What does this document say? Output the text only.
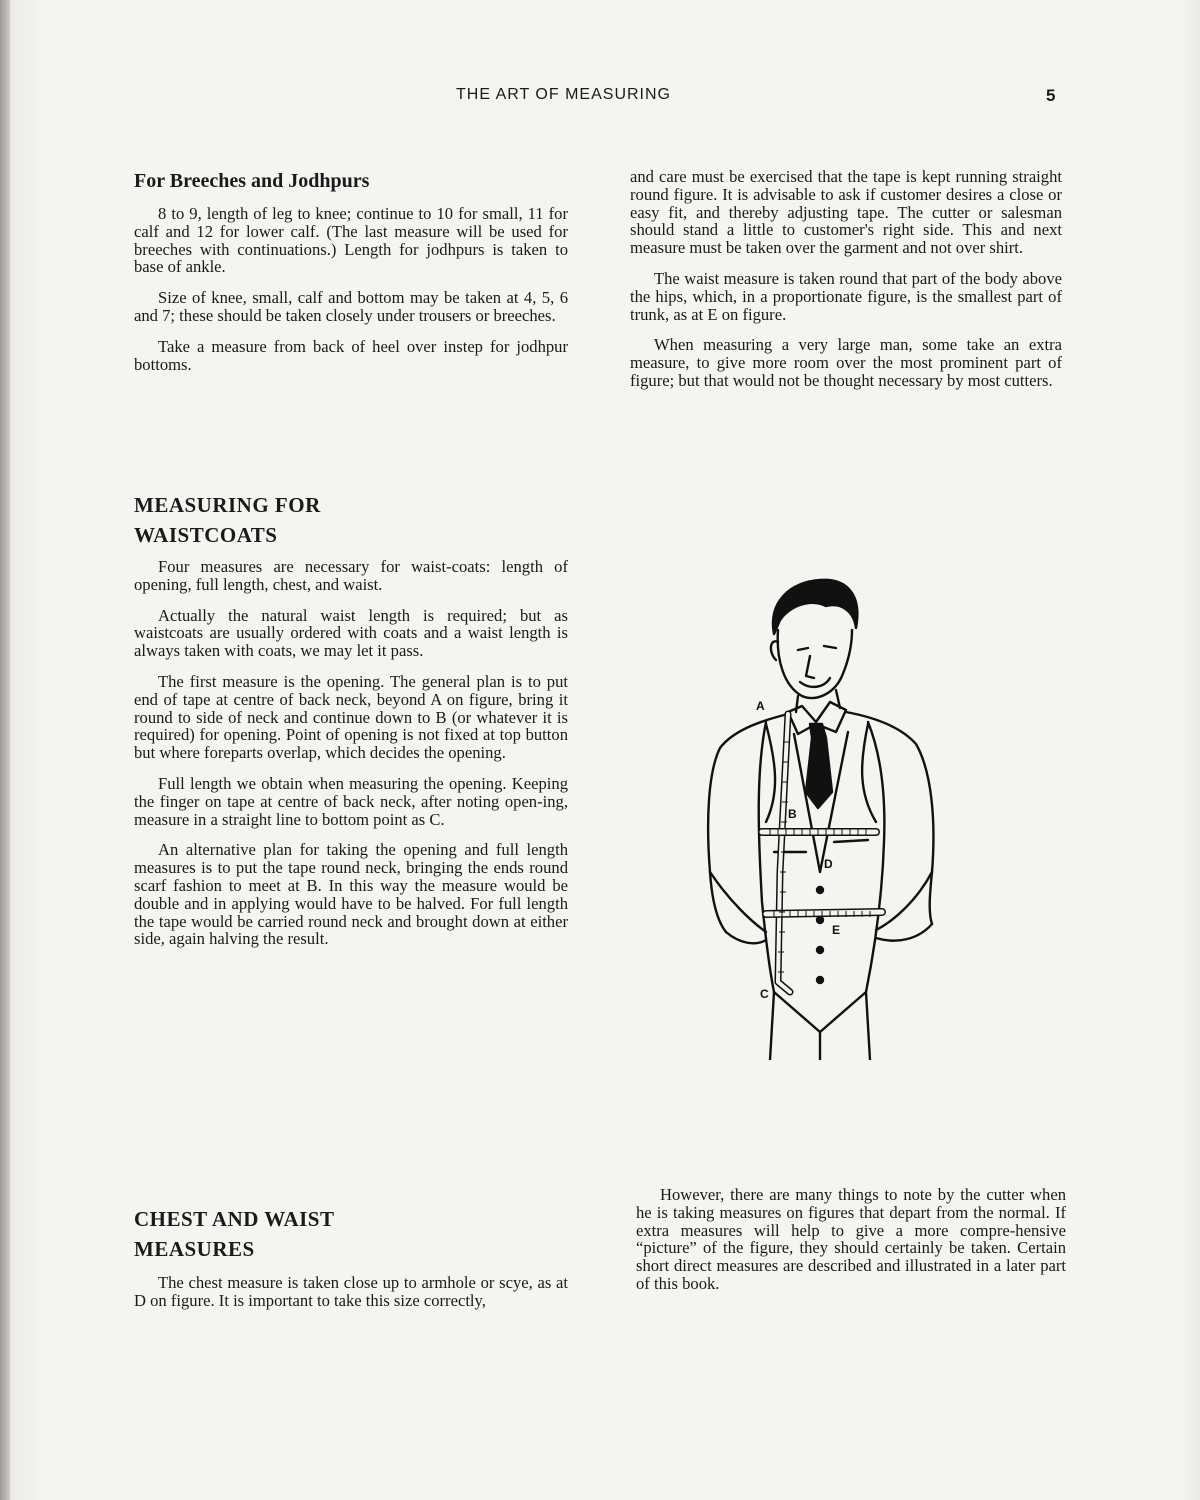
THE ART OF MEASURING	5
For Breeches and Jodhpurs

8 to 9, length of leg to knee; continue to 10 for small, 11 for calf and 12 for lower calf. (The last measure will be used for breeches with continuations.) Length for jodhpurs is taken to base of ankle.

Size of knee, small, calf and bottom may be taken at 4, 5, 6 and 7; these should be taken closely under trousers or breeches.

Take a measure from back of heel over instep for jodhpur bottoms.

MEASURING FOR
WAISTCOATS

Four measures are necessary for waist-coats: length of opening, full length, chest, and waist.

Actually the natural waist length is required; but as waistcoats are usually ordered with coats and a waist length is always taken with coats, we may let it pass.

The first measure is the opening. The general plan is to put end of tape at centre of back neck, beyond A on figure, bring it round to side of neck and continue down to B (or whatever it is required) for opening. Point of opening is not fixed at top button but where foreparts overlap, which decides the opening.

Full length we obtain when measuring the opening. Keeping the finger on tape at centre of back neck, after noting open-ing, measure in a straight line to bottom point as C.

An alternative plan for taking the opening and full length measures is to put the tape round neck, bringing the ends round scarf fashion to meet at B. In this way the measure would be double and in applying would have to be halved. For full length the tape would be carried round neck and brought down at either side, again halving the result.

CHEST AND WAIST
MEASURES

The chest measure is taken close up to armhole or scye, as at D on figure. It is important to take this size correctly,

and care must be exercised that the tape is kept running straight round figure. It is advisable to ask if customer desires a close or easy fit, and thereby adjusting tape. The cutter or salesman should stand a little to customer's right side. This and next measure must be taken over the garment and not over shirt.

The waist measure is taken round that part of the body above the hips, which, in a proportionate figure, is the smallest part of trunk, as at E on figure.

When measuring a very large man, some take an extra measure, to give more room over the most prominent part of figure; but that would not be thought necessary by most cutters.

A
B
D
E
C

However, there are many things to note by the cutter when he is taking measures on figures that depart from the normal. If extra measures will help to give a more compre-hensive “picture” of the figure, they should certainly be taken. Certain short direct measures are described and illustrated in a later part of this book.
